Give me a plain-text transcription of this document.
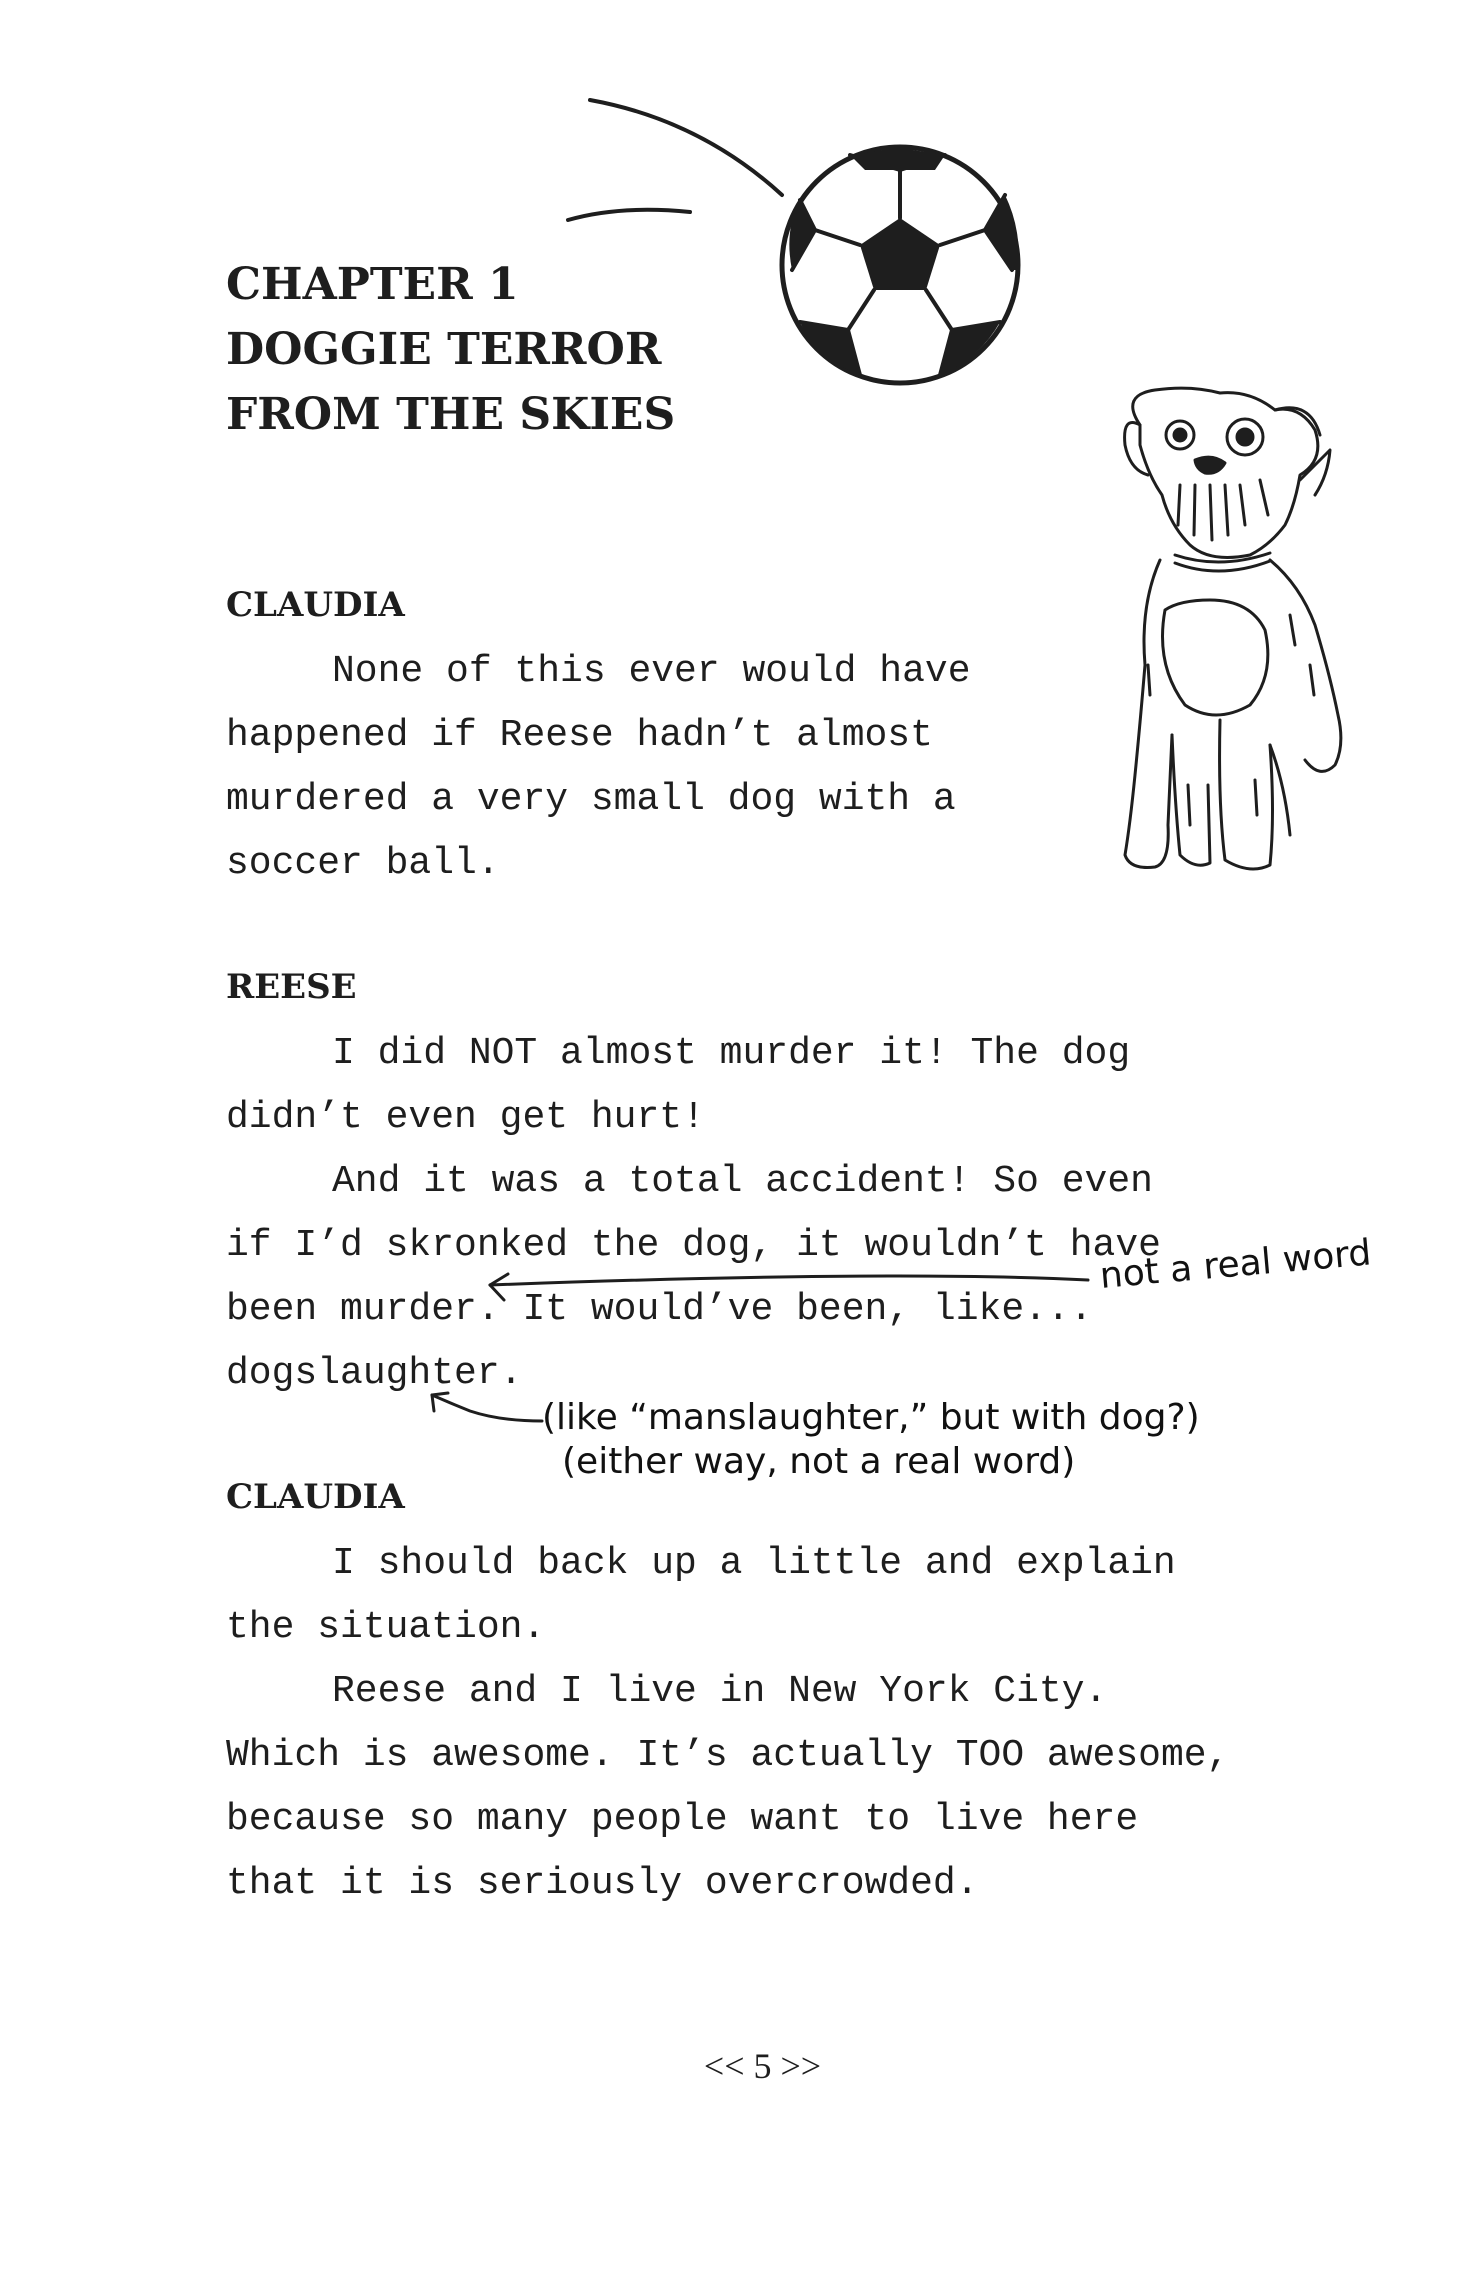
CHAPTER 1
DOGGIE TERROR
FROM THE SKIES
CLAUDIA
None of this ever would have
happened if Reese hadn’t almost
murdered a very small dog with a
soccer ball.
REESE
I did NOT almost murder it! The dog
didn’t even get hurt!
And it was a total accident! So even
if I’d skronked the dog, it wouldn’t have
been murder. It would’ve been, like...
dogslaughter.
not a real word
(like “manslaughter,” but with dog?)
(either way, not a real word)
CLAUDIA
I should back up a little and explain
the situation.
Reese and I live in New York City.
Which is awesome. It’s actually TOO awesome,
because so many people want to live here
that it is seriously overcrowded.
<< 5 >>
